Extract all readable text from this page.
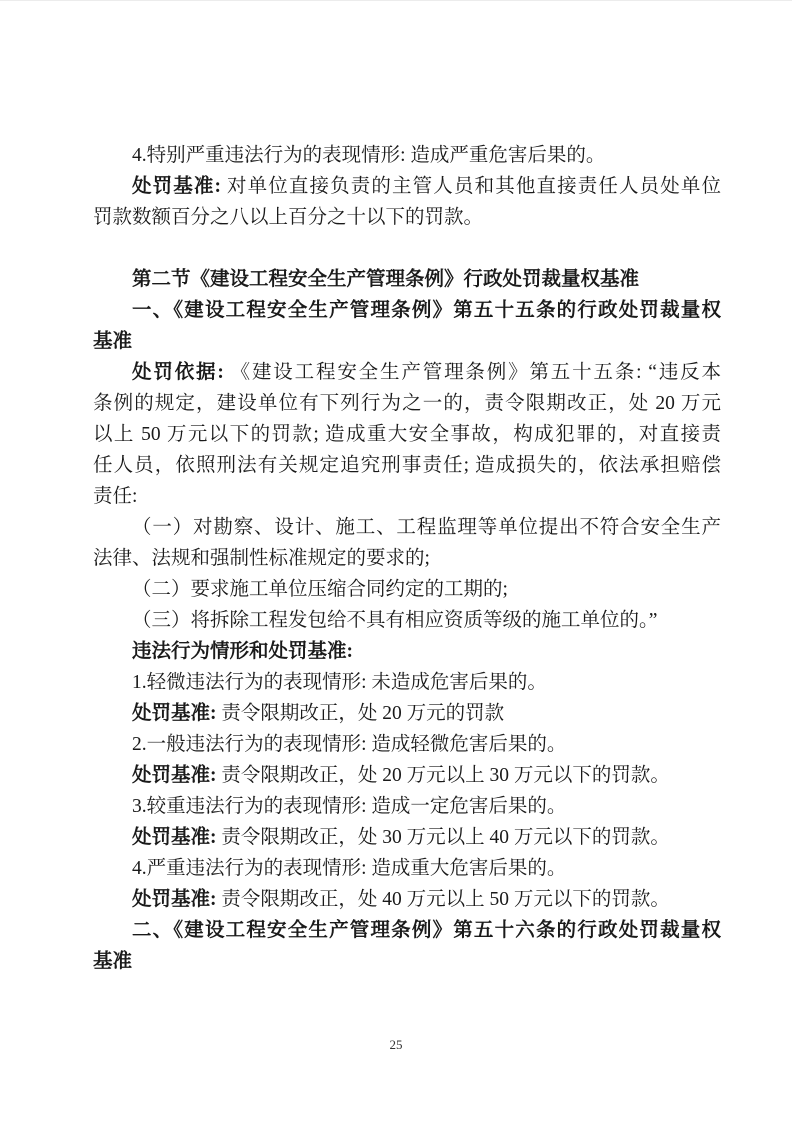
4.特别严重违法行为的表现情形: 造成严重危害后果的。
处罚基准: 对单位直接负责的主管人员和其他直接责任人员处单位
罚款数额百分之八以上百分之十以下的罚款。
第二节《建设工程安全生产管理条例》行政处罚裁量权基准
一、《建设工程安全生产管理条例》第五十五条的行政处罚裁量权
基准
处罚依据: 《建设工程安全生产管理条例》第五十五条: “违反本
条例的规定，建设单位有下列行为之一的，责令限期改正，处 20 万元
以上 50 万元以下的罚款; 造成重大安全事故，构成犯罪的，对直接责
任人员，依照刑法有关规定追究刑事责任; 造成损失的，依法承担赔偿
责任:
（一）对勘察、设计、施工、工程监理等单位提出不符合安全生产
法律、法规和强制性标准规定的要求的;
（二）要求施工单位压缩合同约定的工期的;
（三）将拆除工程发包给不具有相应资质等级的施工单位的。”
违法行为情形和处罚基准:
1.轻微违法行为的表现情形: 未造成危害后果的。
处罚基准: 责令限期改正，处 20 万元的罚款
2.一般违法行为的表现情形: 造成轻微危害后果的。
处罚基准: 责令限期改正，处 20 万元以上 30 万元以下的罚款。
3.较重违法行为的表现情形: 造成一定危害后果的。
处罚基准: 责令限期改正，处 30 万元以上 40 万元以下的罚款。
4.严重违法行为的表现情形: 造成重大危害后果的。
处罚基准: 责令限期改正，处 40 万元以上 50 万元以下的罚款。
二、《建设工程安全生产管理条例》第五十六条的行政处罚裁量权
基准
25
